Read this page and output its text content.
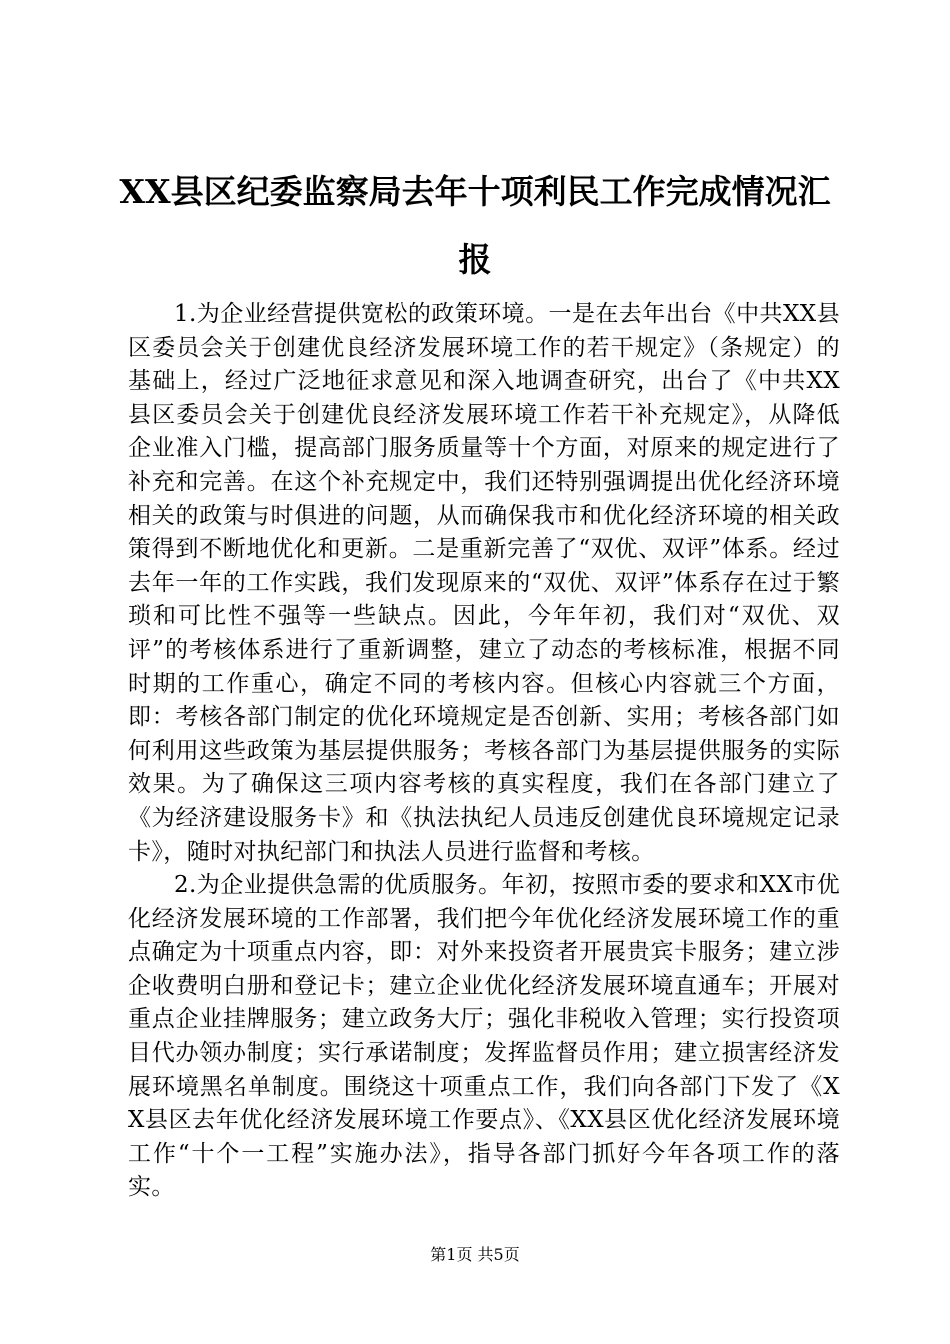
XX县区纪委监察局去年十项利民工作完成情况汇报

1.为企业经营提供宽松的政策环境。一是在去年出台《中共XX县区委员会关于创建优良经济发展环境工作的若干规定》（条规定）的基础上，经过广泛地征求意见和深入地调查研究，出台了《中共XX县区委员会关于创建优良经济发展环境工作若干补充规定》，从降低企业准入门槛，提高部门服务质量等十个方面，对原来的规定进行了补充和完善。在这个补充规定中，我们还特别强调提出优化经济环境相关的政策与时俱进的问题，从而确保我市和优化经济环境的相关政策得到不断地优化和更新。二是重新完善了“双优、双评”体系。经过去年一年的工作实践，我们发现原来的“双优、双评”体系存在过于繁琐和可比性不强等一些缺点。因此，今年年初，我们对“双优、双评”的考核体系进行了重新调整，建立了动态的考核标准，根据不同时期的工作重心，确定不同的考核内容。但核心内容就三个方面，即：考核各部门制定的优化环境规定是否创新、实用；考核各部门如何利用这些政策为基层提供服务；考核各部门为基层提供服务的实际效果。为了确保这三项内容考核的真实程度，我们在各部门建立了《为经济建设服务卡》和《执法执纪人员违反创建优良环境规定记录卡》，随时对执纪部门和执法人员进行监督和考核。

2.为企业提供急需的优质服务。年初，按照市委的要求和XX市优化经济发展环境的工作部署，我们把今年优化经济发展环境工作的重点确定为十项重点内容，即：对外来投资者开展贵宾卡服务；建立涉企收费明白册和登记卡；建立企业优化经济发展环境直通车；开展对重点企业挂牌服务；建立政务大厅；强化非税收入管理；实行投资项目代办领办制度；实行承诺制度；发挥监督员作用；建立损害经济发展环境黑名单制度。围绕这十项重点工作，我们向各部门下发了《XX县区去年优化经济发展环境工作要点》、《XX县区优化经济发展环境工作“十个一工程”实施办法》，指导各部门抓好今年各项工作的落实。

第1页 共5页
